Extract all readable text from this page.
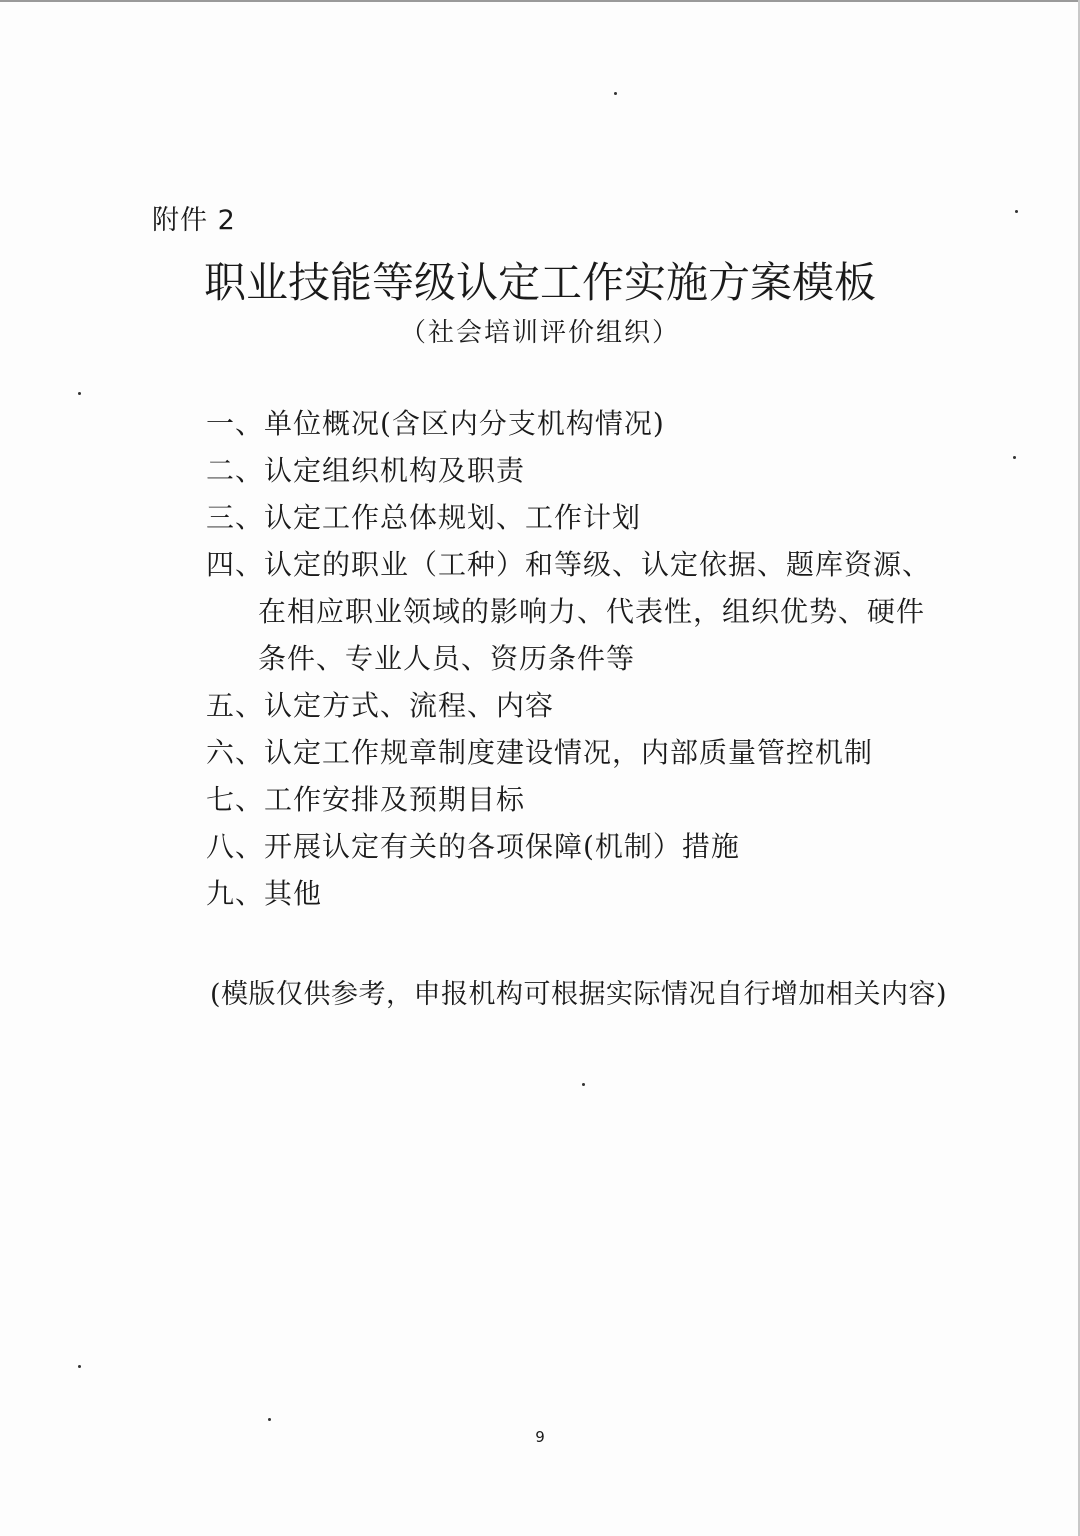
附件 2
职业技能等级认定工作实施方案模板
（社会培训评价组织）
一、单位概况(含区内分支机构情况)
二、认定组织机构及职责
三、认定工作总体规划、工作计划
四、认定的职业（工种）和等级、认定依据、题库资源、在相应职业领域的影响力、代表性，组织优势、硬件条件、专业人员、资历条件等
五、认定方式、流程、内容
六、认定工作规章制度建设情况，内部质量管控机制
七、工作安排及预期目标
八、开展认定有关的各项保障(机制）措施
九、其他
(模版仅供参考，申报机构可根据实际情况自行增加相关内容)
9
